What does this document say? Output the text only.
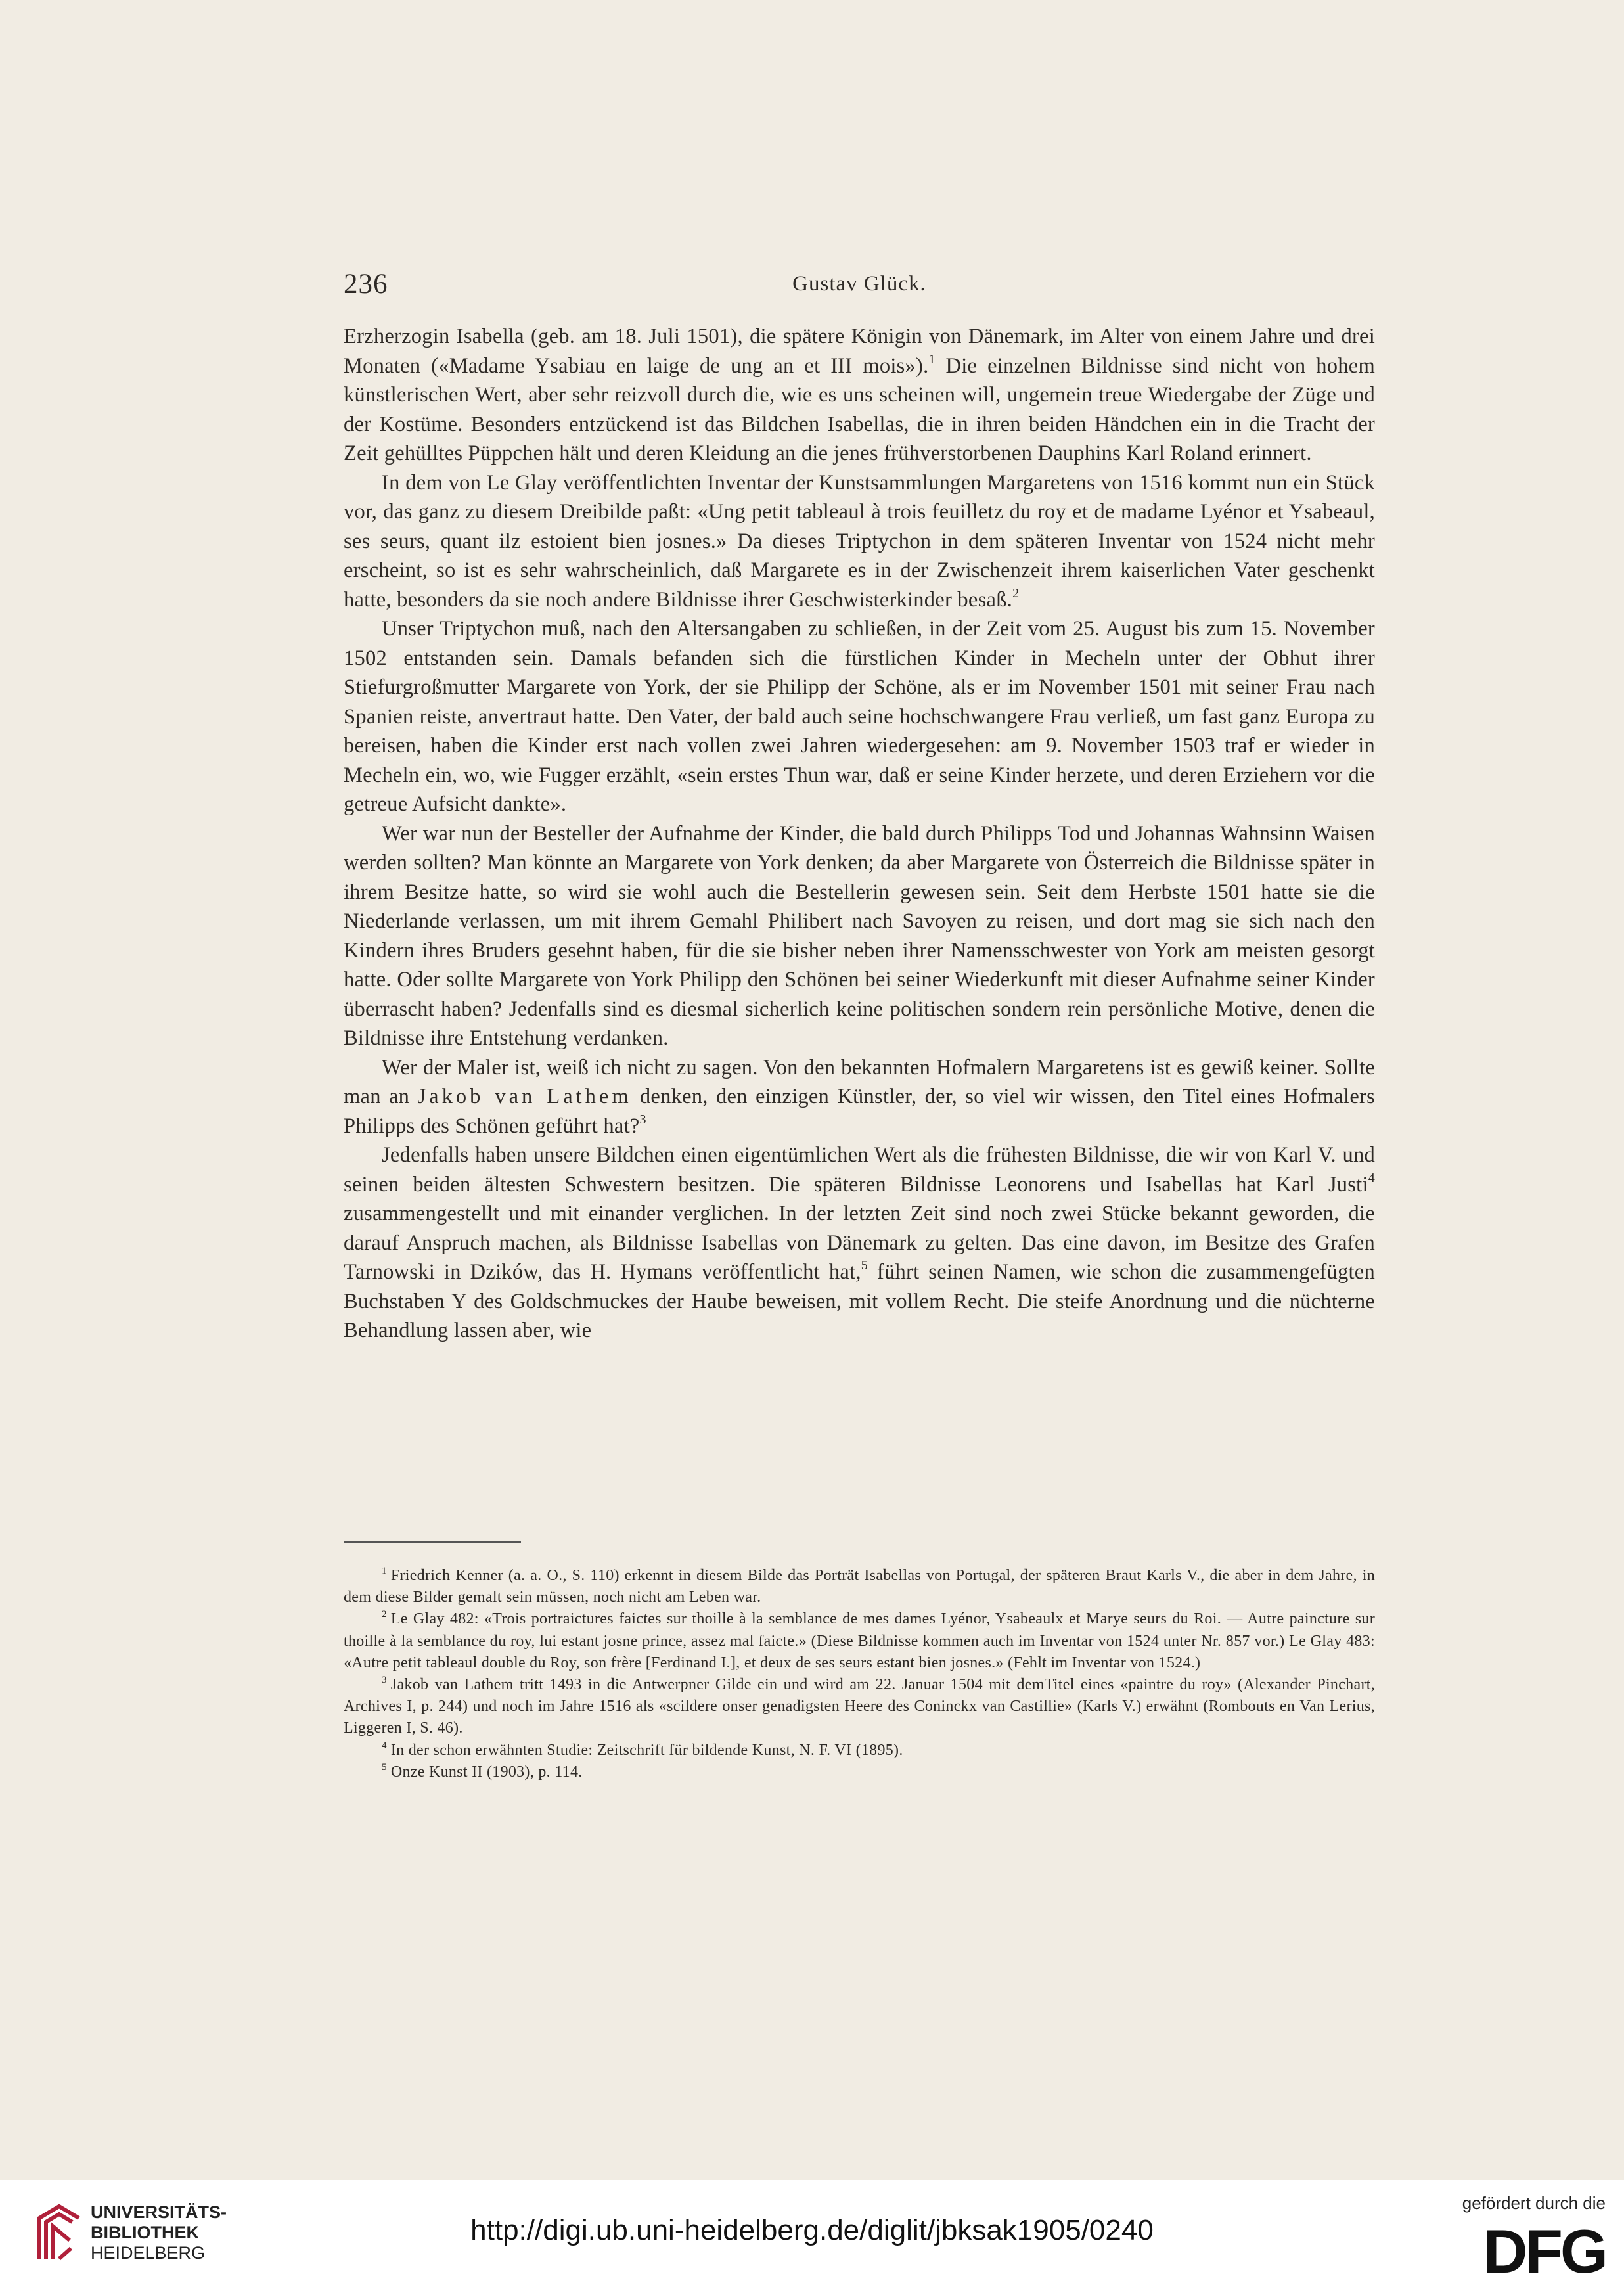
236	Gustav Glück.

Erzherzogin Isabella (geb. am 18. Juli 1501), die spätere Königin von Dänemark, im Alter von einem Jahre und drei Monaten («Madame Ysabiau en laige de ung an et III mois»).$^1$ Die einzelnen Bildnisse sind nicht von hohem künstlerischen Wert, aber sehr reizvoll durch die, wie es uns scheinen will, ungemein treue Wiedergabe der Züge und der Kostüme. Besonders entzückend ist das Bildchen Isabellas, die in ihren beiden Händchen ein in die Tracht der Zeit gehülltes Püppchen hält und deren Kleidung an die jenes frühverstorbenen Dauphins Karl Roland erinnert.

In dem von Le Glay veröffentlichten Inventar der Kunstsammlungen Margaretens von 1516 kommt nun ein Stück vor, das ganz zu diesem Dreibilde paßt: «Ung petit tableaul à trois feuilletz du roy et de madame Lyénor et Ysabeaul, ses seurs, quant ilz estoient bien josnes.» Da dieses Triptychon in dem späteren Inventar von 1524 nicht mehr erscheint, so ist es sehr wahrscheinlich, daß Margarete es in der Zwischenzeit ihrem kaiserlichen Vater geschenkt hatte, besonders da sie noch andere Bildnisse ihrer Geschwisterkinder besaß.$^2$

Unser Triptychon muß, nach den Altersangaben zu schließen, in der Zeit vom 25. August bis zum 15. November 1502 entstanden sein. Damals befanden sich die fürstlichen Kinder in Mecheln unter der Obhut ihrer Stiefurgroßmutter Margarete von York, der sie Philipp der Schöne, als er im November 1501 mit seiner Frau nach Spanien reiste, anvertraut hatte. Den Vater, der bald auch seine hochschwangere Frau verließ, um fast ganz Europa zu bereisen, haben die Kinder erst nach vollen zwei Jahren wiedergesehen: am 9. November 1503 traf er wieder in Mecheln ein, wo, wie Fugger erzählt, «sein erstes Thun war, daß er seine Kinder herzete, und deren Erziehern vor die getreue Aufsicht dankte».

Wer war nun der Besteller der Aufnahme der Kinder, die bald durch Philipps Tod und Johannas Wahnsinn Waisen werden sollten? Man könnte an Margarete von York denken; da aber Margarete von Österreich die Bildnisse später in ihrem Besitze hatte, so wird sie wohl auch die Bestellerin gewesen sein. Seit dem Herbste 1501 hatte sie die Niederlande verlassen, um mit ihrem Gemahl Philibert nach Savoyen zu reisen, und dort mag sie sich nach den Kindern ihres Bruders gesehnt haben, für die sie bisher neben ihrer Namensschwester von York am meisten gesorgt hatte. Oder sollte Margarete von York Philipp den Schönen bei seiner Wiederkunft mit dieser Aufnahme seiner Kinder überrascht haben? Jedenfalls sind es diesmal sicherlich keine politischen sondern rein persönliche Motive, denen die Bildnisse ihre Entstehung verdanken.

Wer der Maler ist, weiß ich nicht zu sagen. Von den bekannten Hofmalern Margaretens ist es gewiß keiner. Sollte man an Jakob van Lathem denken, den einzigen Künstler, der, so viel wir wissen, den Titel eines Hofmalers Philipps des Schönen geführt hat?$^3$

Jedenfalls haben unsere Bildchen einen eigentümlichen Wert als die frühesten Bildnisse, die wir von Karl V. und seinen beiden ältesten Schwestern besitzen. Die späteren Bildnisse Leonorens und Isabellas hat Karl Justi$^4$ zusammengestellt und mit einander verglichen. In der letzten Zeit sind noch zwei Stücke bekannt geworden, die darauf Anspruch machen, als Bildnisse Isabellas von Dänemark zu gelten. Das eine davon, im Besitze des Grafen Tarnowski in Dzików, das H. Hymans veröffentlicht hat,$^5$ führt seinen Namen, wie schon die zusammengefügten Buchstaben Y des Goldschmuckes der Haube beweisen, mit vollem Recht. Die steife Anordnung und die nüchterne Behandlung lassen aber, wie

$^1$ Friedrich Kenner (a. a. O., S. 110) erkennt in diesem Bilde das Porträt Isabellas von Portugal, der späteren Braut Karls V., die aber in dem Jahre, in dem diese Bilder gemalt sein müssen, noch nicht am Leben war.

$^2$ Le Glay 482: «Trois portraictures faictes sur thoille à la semblance de mes dames Lyénor, Ysabeaulx et Marye seurs du Roi. — Autre paincture sur thoille à la semblance du roy, lui estant josne prince, assez mal faicte.» (Diese Bildnisse kommen auch im Inventar von 1524 unter Nr. 857 vor.) Le Glay 483: «Autre petit tableaul double du Roy, son frère [Ferdinand I.], et deux de ses seurs estant bien josnes.» (Fehlt im Inventar von 1524.)

$^3$ Jakob van Lathem tritt 1493 in die Antwerpner Gilde ein und wird am 22. Januar 1504 mit demTitel eines «paintre du roy» (Alexander Pinchart, Archives I, p. 244) und noch im Jahre 1516 als «scildere onser genadigsten Heere des Coninckx van Castillie» (Karls V.) erwähnt (Rombouts en Van Lerius, Liggeren I, S. 46).

$^4$ In der schon erwähnten Studie: Zeitschrift für bildende Kunst, N. F. VI (1895).

$^5$ Onze Kunst II (1903), p. 114.

UNIVERSITÄTS-
BIBLIOTHEK
HEIDELBERG
http://digi.ub.uni-heidelberg.de/diglit/jbksak1905/0240
gefördert durch die
DFG
